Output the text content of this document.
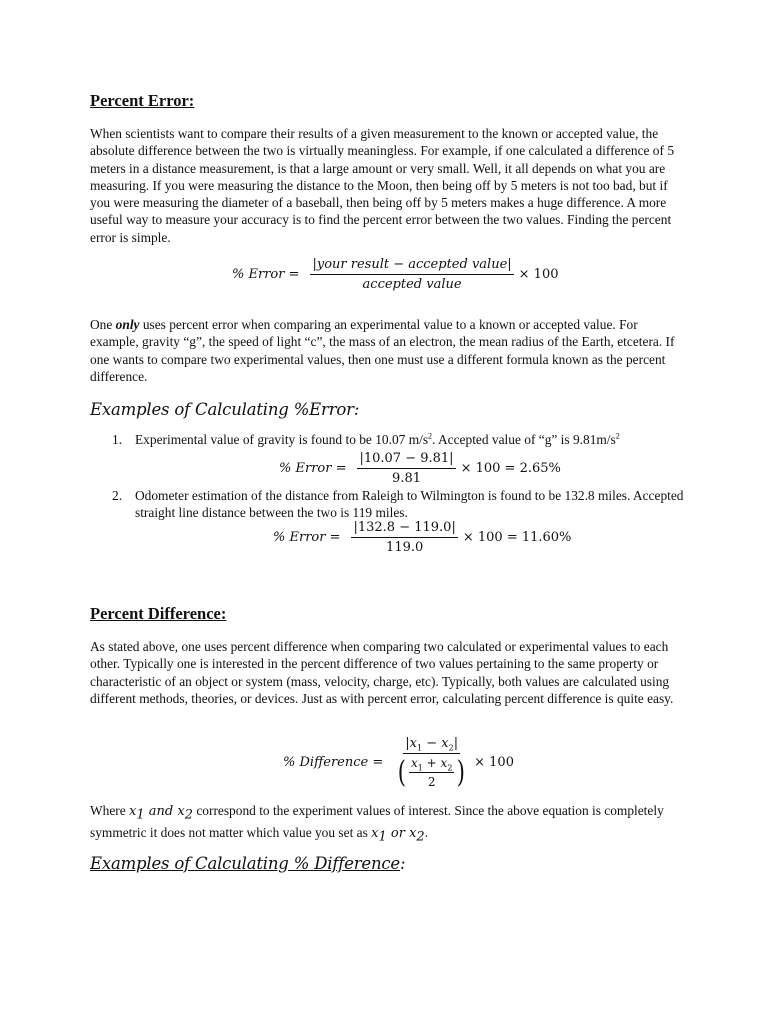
Percent Error:

When scientists want to compare their results of a given measurement to the known or accepted value, the absolute difference between the two is virtually meaningless. For example, if one calculated a difference of 5 meters in a distance measurement, is that a large amount or very small. Well, it all depends on what you are measuring. If you were measuring the distance to the Moon, then being off by 5 meters is not too bad, but if you were measuring the diameter of a baseball, then being off by 5 meters makes a huge difference. A more useful way to measure your accuracy is to find the percent error between the two values. Finding the percent error is simple.

% Error = $\frac{\text{|your result − accepted value|}}{\text{accepted value}} \times 100$

One only uses percent error when comparing an experimental value to a known or accepted value. For example, gravity “g”, the speed of light “c”, the mass of an electron, the mean radius of the Earth, etcetera. If one wants to compare two experimental values, then one must use a different formula known as the percent difference.

Examples of Calculating %Error:
1. Experimental value of gravity is found to be 10.07 $m/s^2$. Accepted value of “g” is $9.81m/s^2$
% Error = $\frac{|10.07 - 9.81|}{9.81} \times 100 = 2.65\%$
2. Odometer estimation of the distance from Raleigh to Wilmington is found to be 132.8 miles. Accepted straight line distance between the two is 119 miles.
% Error = $\frac{|132.8 - 119.0|}{119.0} \times 100 = 11.60\%$
Percent Difference:

As stated above, one uses percent difference when comparing two calculated or experimental values to each other. Typically one is interested in the percent difference of two values pertaining to the same property or characteristic of an object or system (mass, velocity, charge, etc). Typically, both values are calculated using different methods, theories, or devices. Just as with percent error, calculating percent difference is quite easy.

% Difference =
$|x_1 - x_2|$
( $\frac{x_1 + x_2}{2}$ ) × 100

Where $x_1$ and $x_2$ correspond to the experiment values of interest. Since the above equation is completely symmetric it does not matter which value you set as $x_1$ or $x_2$.

Examples of Calculating % Difference:
